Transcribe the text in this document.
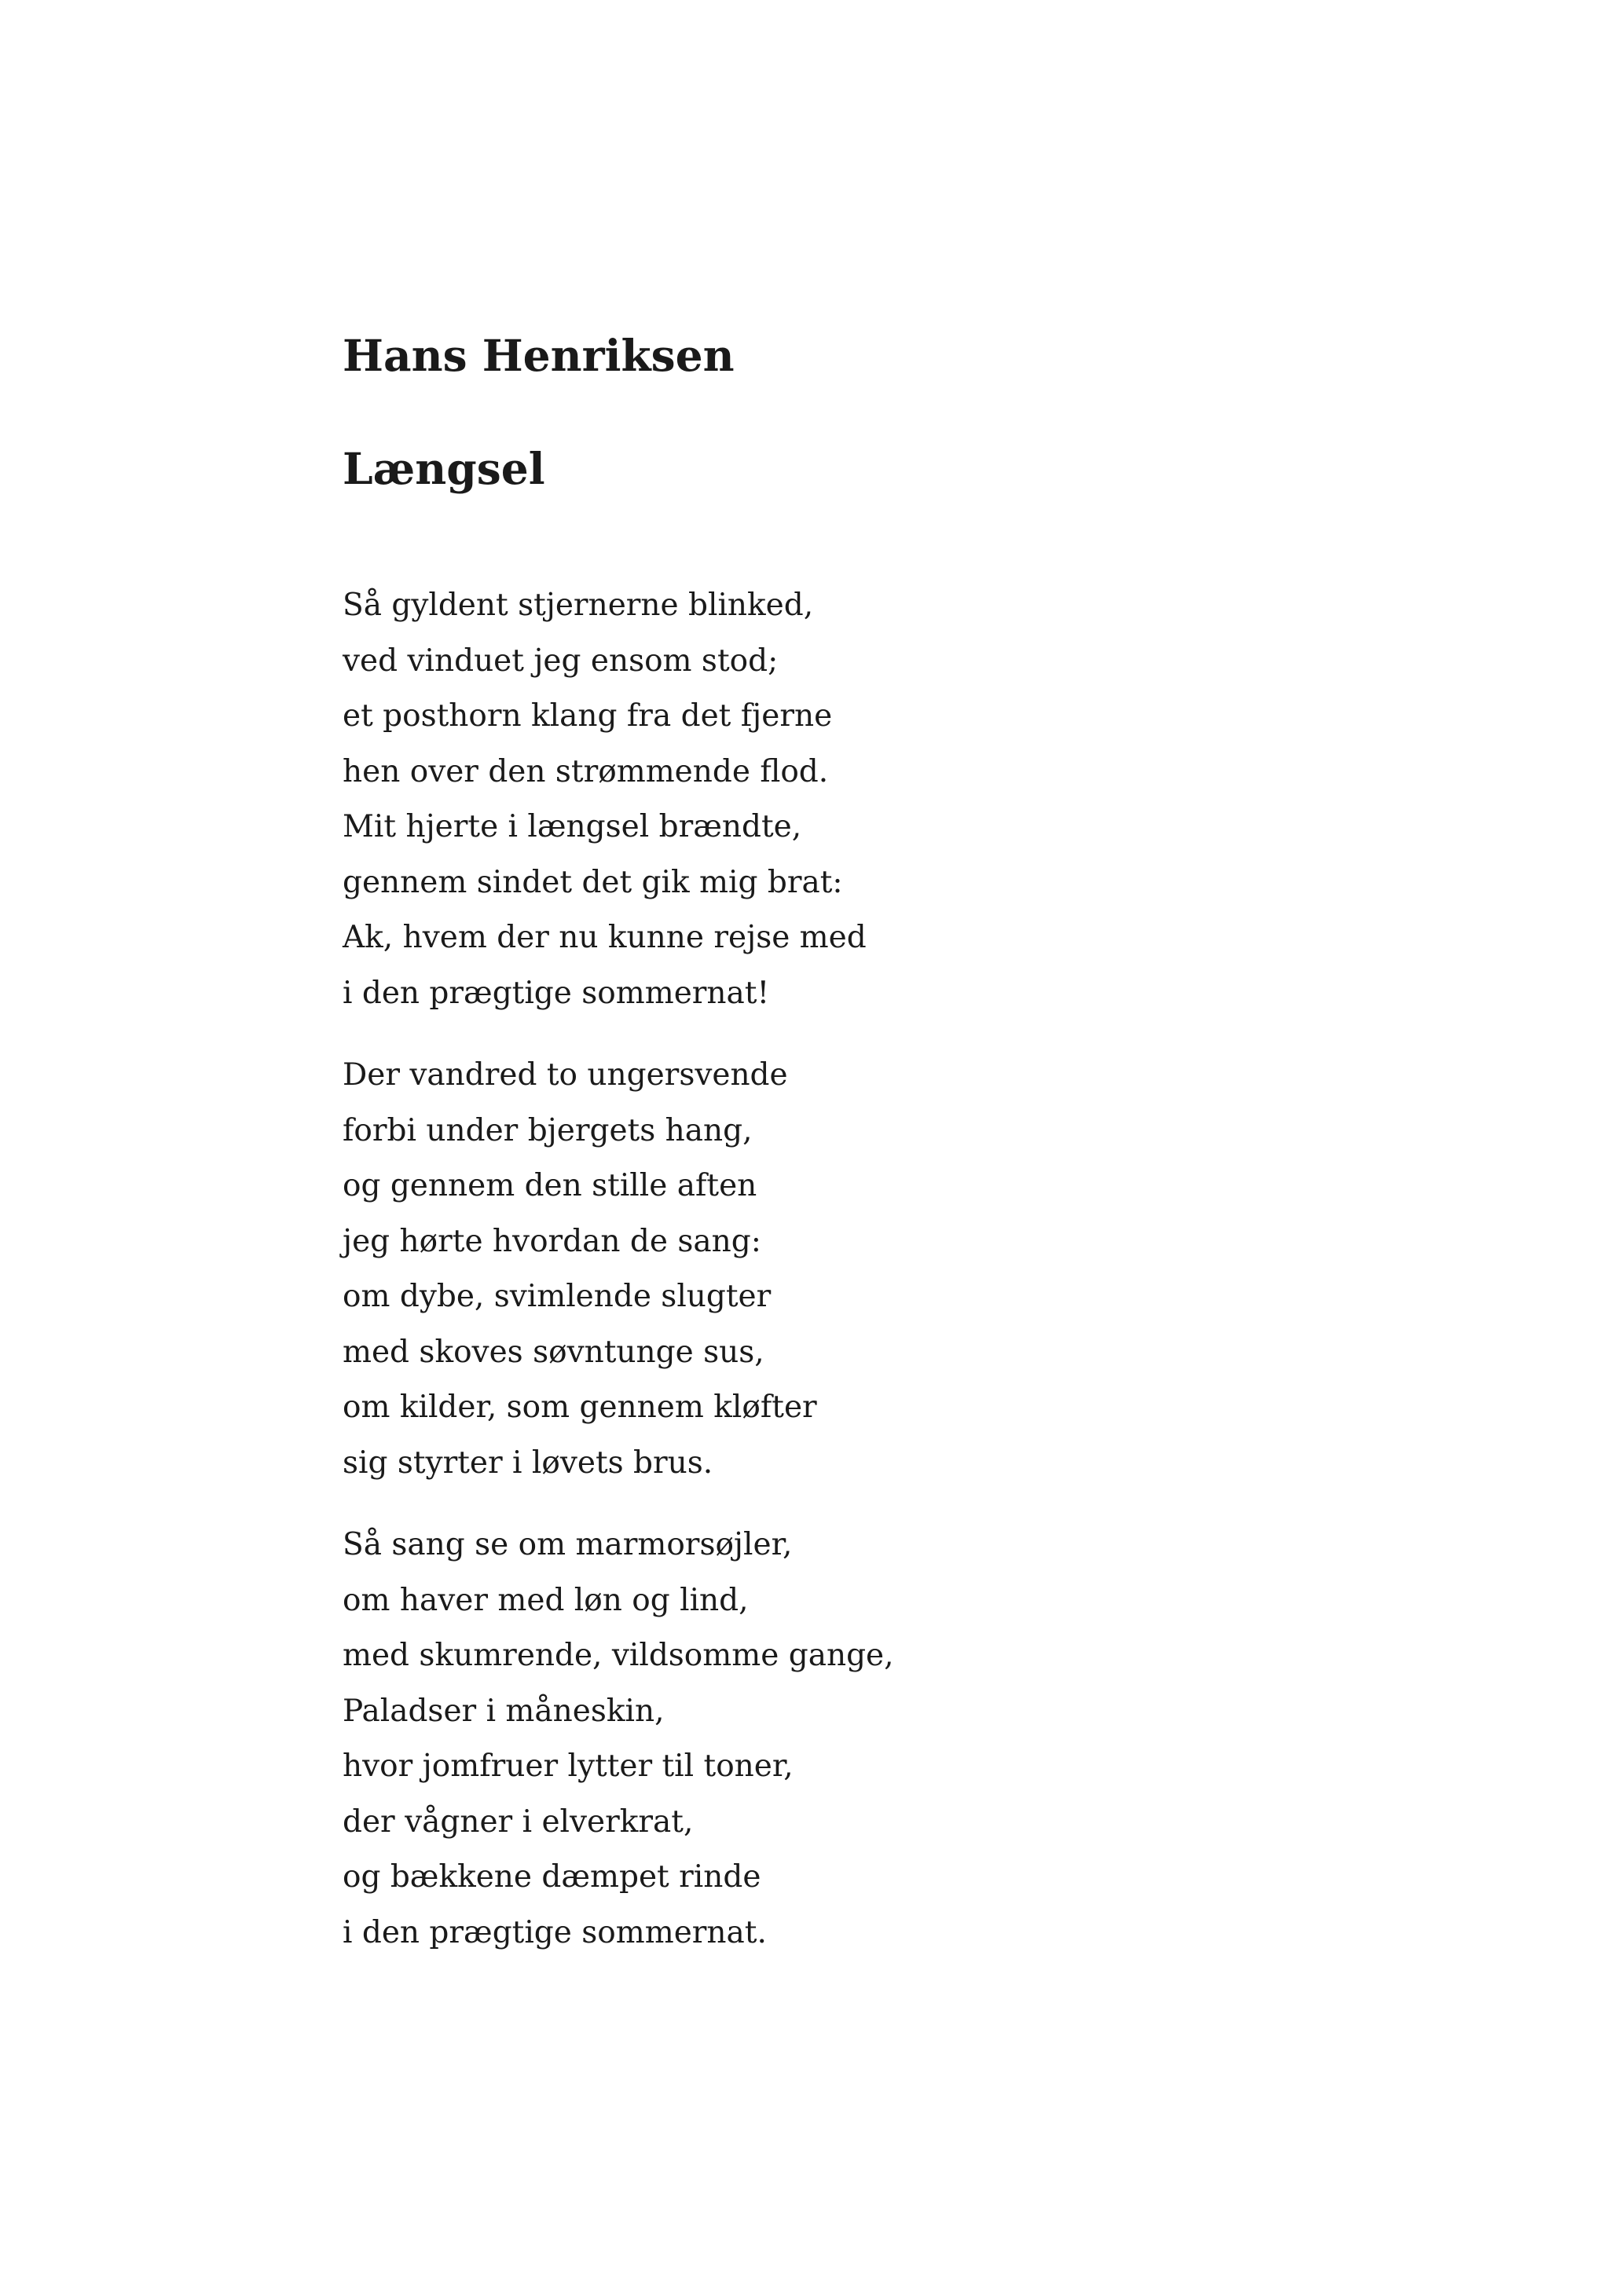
Hans Henriksen
Længsel
Så gyldent stjernerne blinked,
ved vinduet jeg ensom stod;
et posthorn klang fra det fjerne
hen over den strømmende flod.
Mit hjerte i længsel brændte,
gennem sindet det gik mig brat:
Ak, hvem der nu kunne rejse med
i den prægtige sommernat!
Der vandred to ungersvende
forbi under bjergets hang,
og gennem den stille aften
jeg hørte hvordan de sang:
om dybe, svimlende slugter
med skoves søvntunge sus,
om kilder, som gennem kløfter
sig styrter i løvets brus.
Så sang se om marmorsøjler,
om haver med løn og lind,
med skumrende, vildsomme gange,
Paladser i måneskin,
hvor jomfruer lytter til toner,
der vågner i elverkrat,
og bækkene dæmpet rinde
i den prægtige sommernat.
